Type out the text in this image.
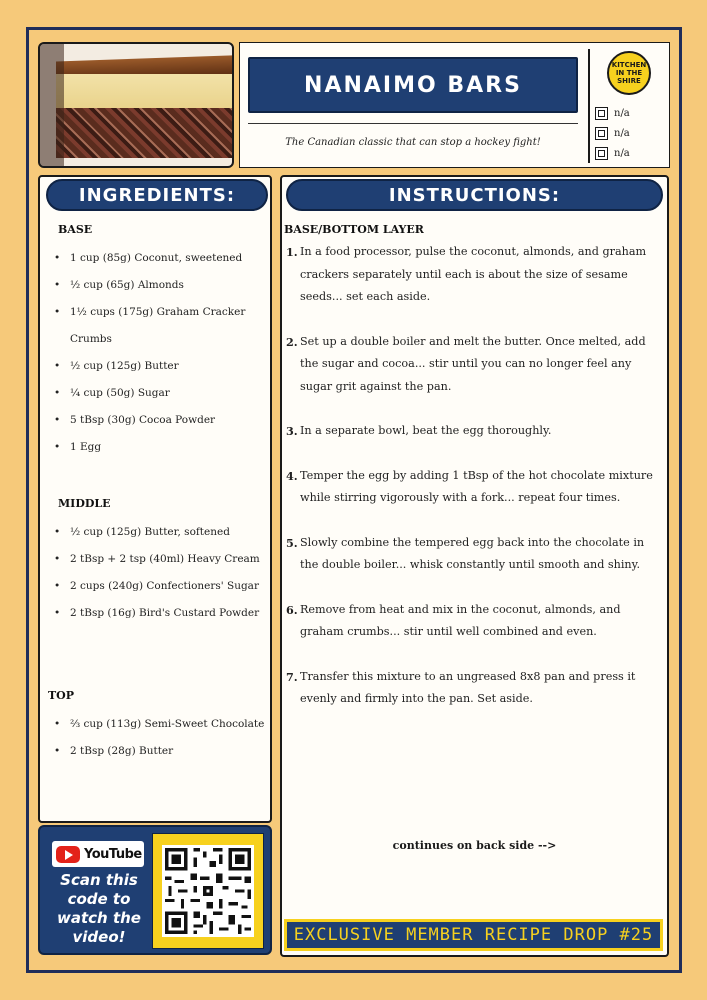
NANAIMO BARS
The Canadian classic that can stop a hockey fight!
KITCHEN
IN THE
SHIRE
n/a
n/a
n/a
INGREDIENTS:
BASE
• 1 cup (85g) Coconut, sweetened
• ½ cup (65g) Almonds
• 1½ cups (175g) Graham Cracker Crumbs
• ½ cup (125g) Butter
• ¼ cup (50g) Sugar
• 5 tBsp (30g) Cocoa Powder
• 1 Egg
MIDDLE
• ½ cup (125g) Butter, softened
• 2 tBsp + 2 tsp (40ml) Heavy Cream
• 2 cups (240g) Confectioners' Sugar
• 2 tBsp (16g) Bird's Custard Powder
TOP
• ⅔ cup (113g) Semi-Sweet Chocolate
• 2 tBsp (28g) Butter
INSTRUCTIONS:
BASE/BOTTOM LAYER
1. In a food processor, pulse the coconut, almonds, and graham crackers separately until each is about the size of sesame seeds... set each aside.
2. Set up a double boiler and melt the butter. Once melted, add the sugar and cocoa... stir until you can no longer feel any sugar grit against the pan.
3. In a separate bowl, beat the egg thoroughly.
4. Temper the egg by adding 1 tBsp of the hot chocolate mixture while stirring vigorously with a fork... repeat four times.
5. Slowly combine the tempered egg back into the chocolate in the double boiler... whisk constantly until smooth and shiny.
6. Remove from heat and mix in the coconut, almonds, and graham crumbs... stir until well combined and even.
7. Transfer this mixture to an ungreased 8x8 pan and press it evenly and firmly into the pan. Set aside.
continues on back side -->
EXCLUSIVE MEMBER RECIPE DROP #25
YouTube
Scan this code to watch the video!
